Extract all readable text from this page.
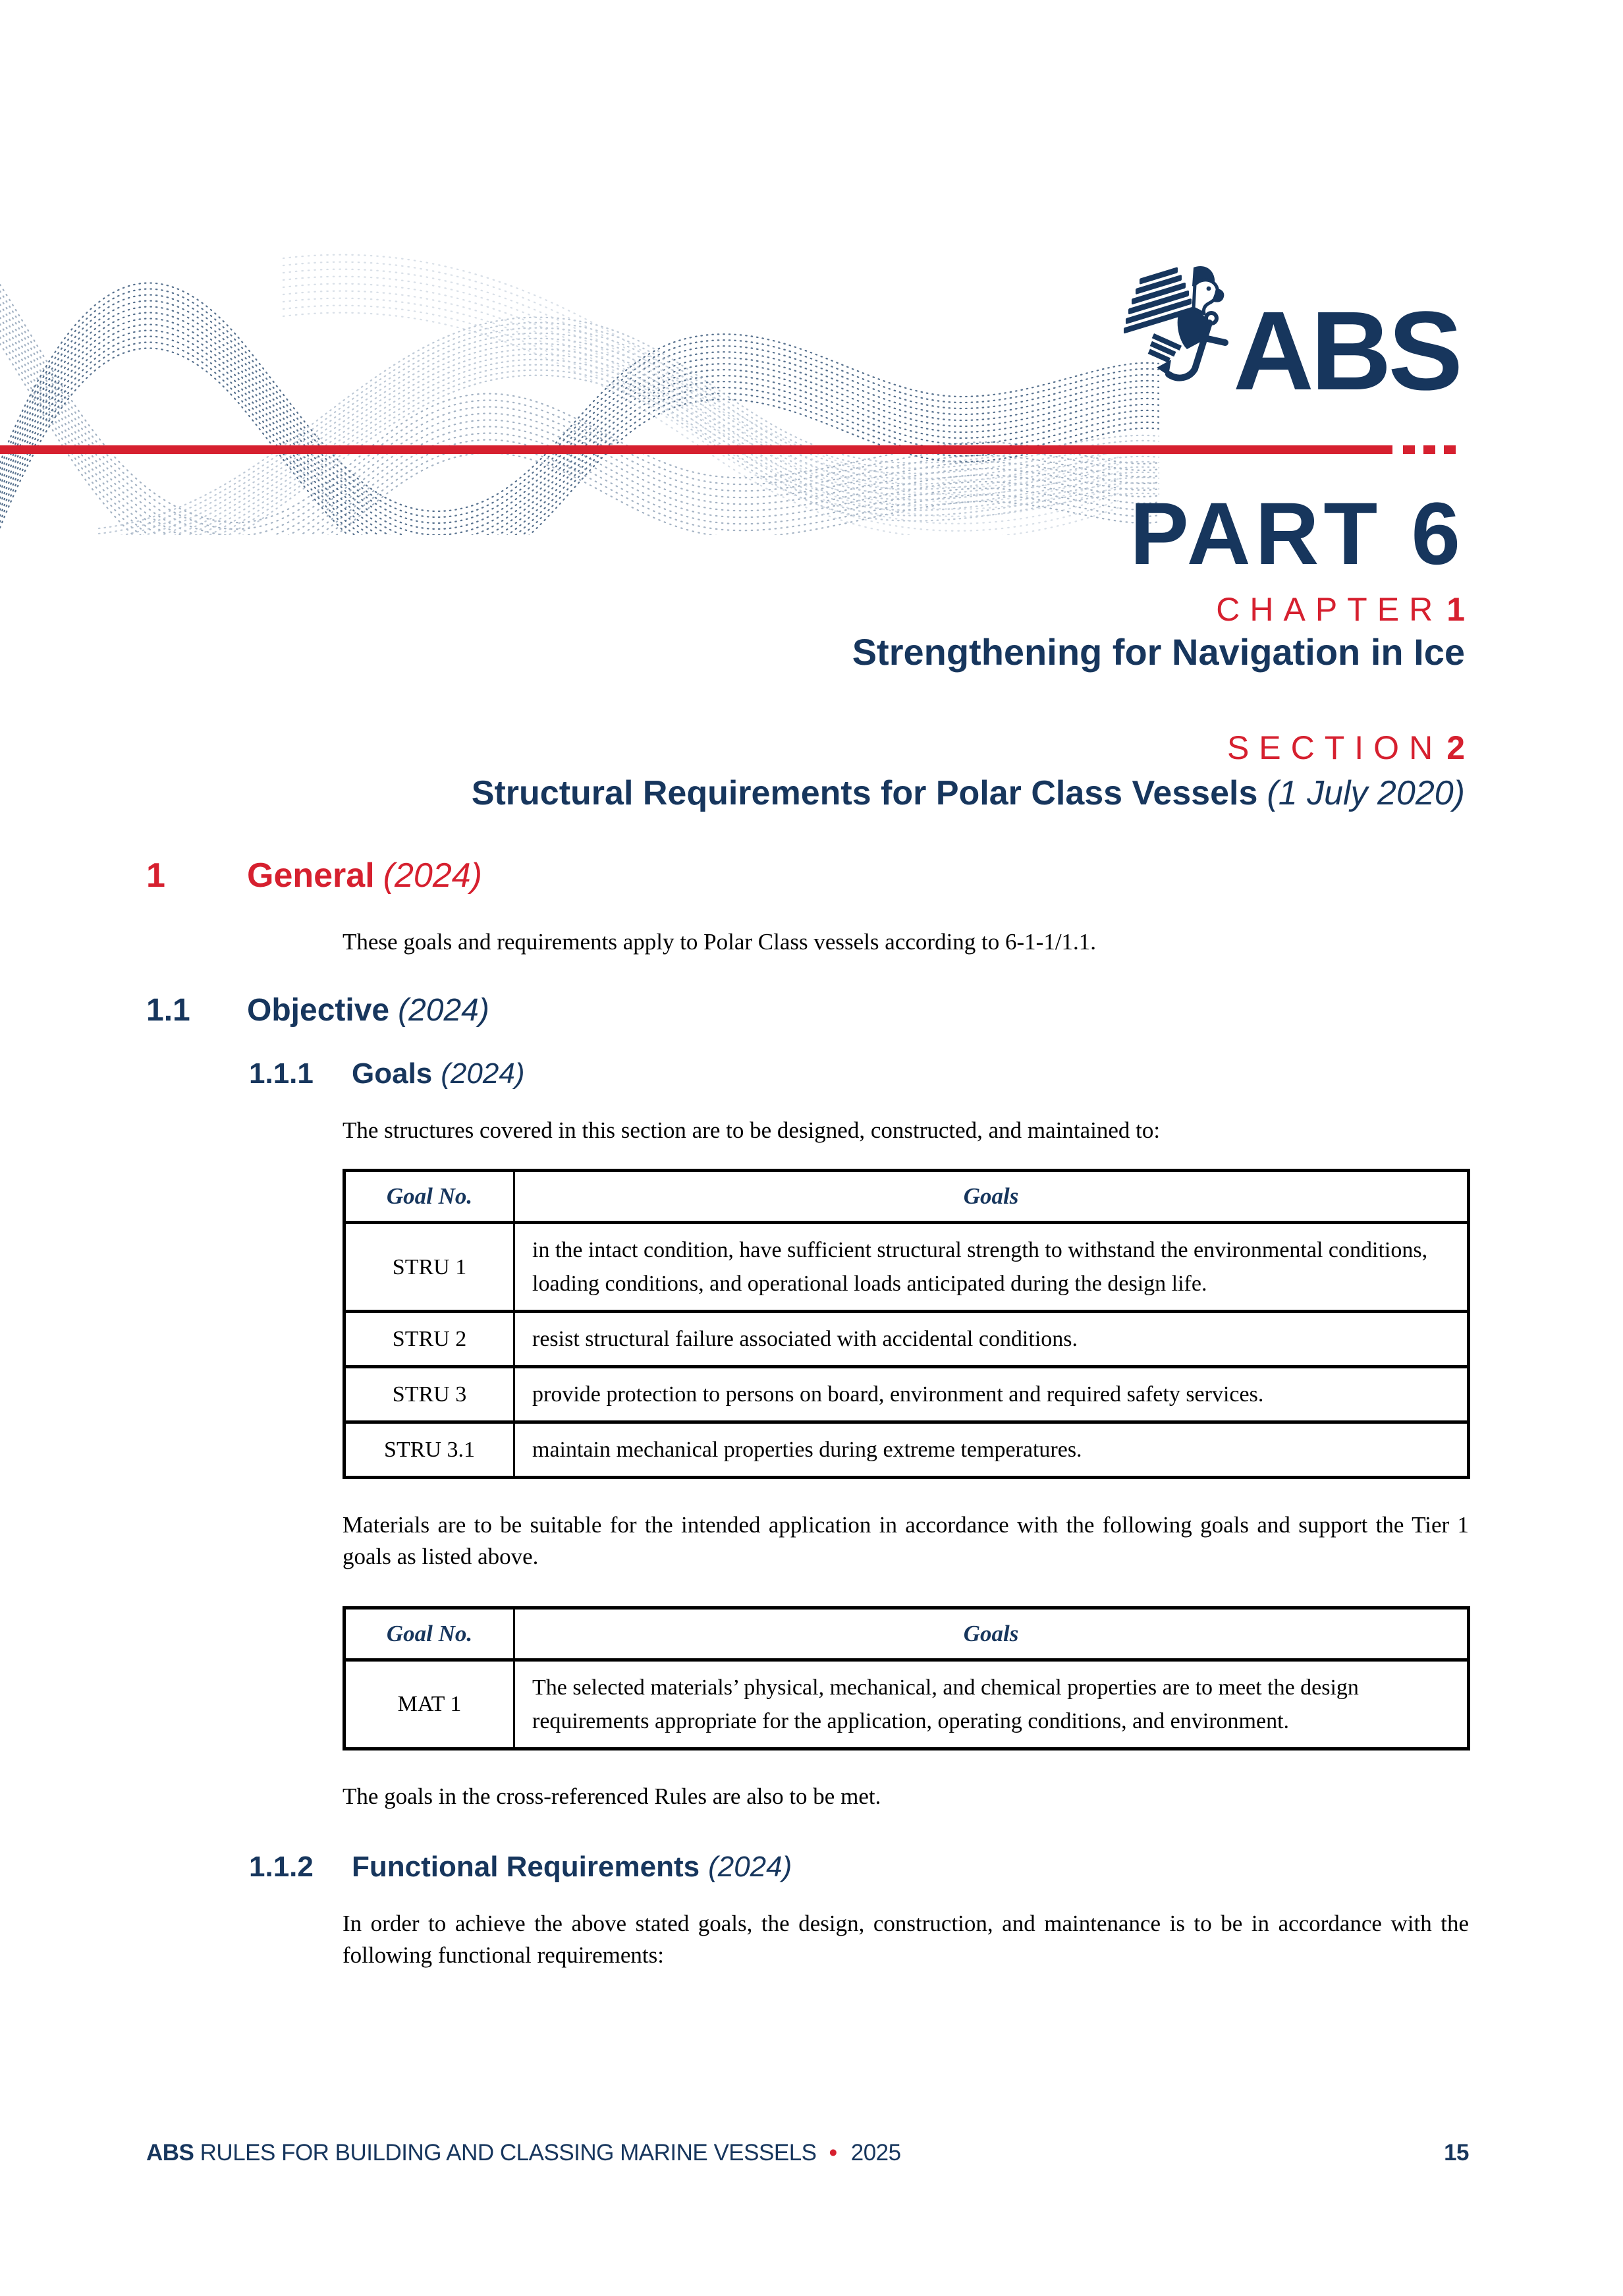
ABS
PART 6
CHAPTER 1
Strengthening for Navigation in Ice
SECTION 2
Structural Requirements for Polar Class Vessels (1 July 2020)
1	General (2024)

These goals and requirements apply to Polar Class vessels according to 6-1-1/1.1.

1.1	Objective (2024)
1.1.1	Goals (2024)

The structures covered in this section are to be designed, constructed, and maintained to:

Goal No.	Goals
STRU 1	in the intact condition, have sufficient structural strength to withstand the environmental conditions, loading conditions, and operational loads anticipated during the design life.
STRU 2	resist structural failure associated with accidental conditions.
STRU 3	provide protection to persons on board, environment and required safety services.
STRU 3.1	maintain mechanical properties during extreme temperatures.

Materials are to be suitable for the intended application in accordance with the following goals and support the Tier 1 goals as listed above.

Goal No.	Goals
MAT 1	The selected materials’ physical, mechanical, and chemical properties are to meet the design requirements appropriate for the application, operating conditions, and environment.

The goals in the cross-referenced Rules are also to be met.

1.1.2	Functional Requirements (2024)

In order to achieve the above stated goals, the design, construction, and maintenance is to be in accordance with the following functional requirements:

ABS RULES FOR BUILDING AND CLASSING MARINE VESSELS • 2025	15
